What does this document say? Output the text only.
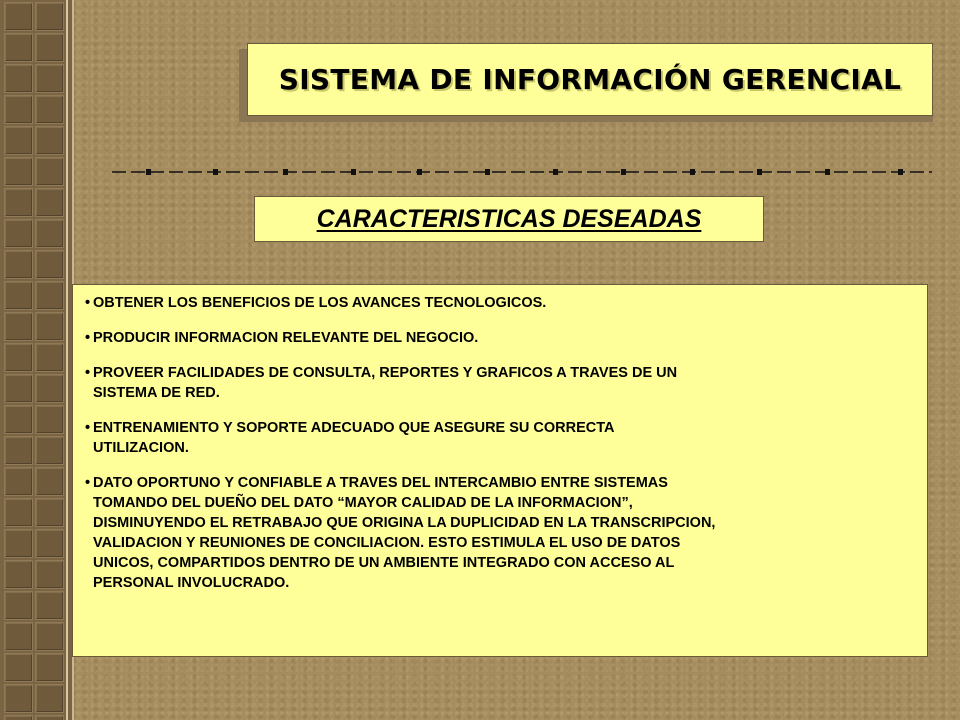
SISTEMA DE INFORMACIÓN GERENCIAL
CARACTERISTICAS DESEADAS
• OBTENER LOS BENEFICIOS DE LOS AVANCES TECNOLOGICOS.
• PRODUCIR INFORMACION RELEVANTE DEL NEGOCIO.
• PROVEER FACILIDADES DE CONSULTA, REPORTES Y GRAFICOS A TRAVES DE UN
SISTEMA DE RED.
• ENTRENAMIENTO Y SOPORTE ADECUADO QUE ASEGURE SU CORRECTA
UTILIZACION.
• DATO OPORTUNO Y CONFIABLE A TRAVES DEL INTERCAMBIO ENTRE SISTEMAS
TOMANDO DEL DUEÑO DEL DATO “MAYOR CALIDAD DE LA INFORMACION”,
DISMINUYENDO EL RETRABAJO QUE ORIGINA LA DUPLICIDAD EN LA TRANSCRIPCION,
VALIDACION Y REUNIONES DE CONCILIACION. ESTO ESTIMULA EL USO DE DATOS
UNICOS, COMPARTIDOS DENTRO DE UN AMBIENTE INTEGRADO CON ACCESO AL
PERSONAL INVOLUCRADO.
